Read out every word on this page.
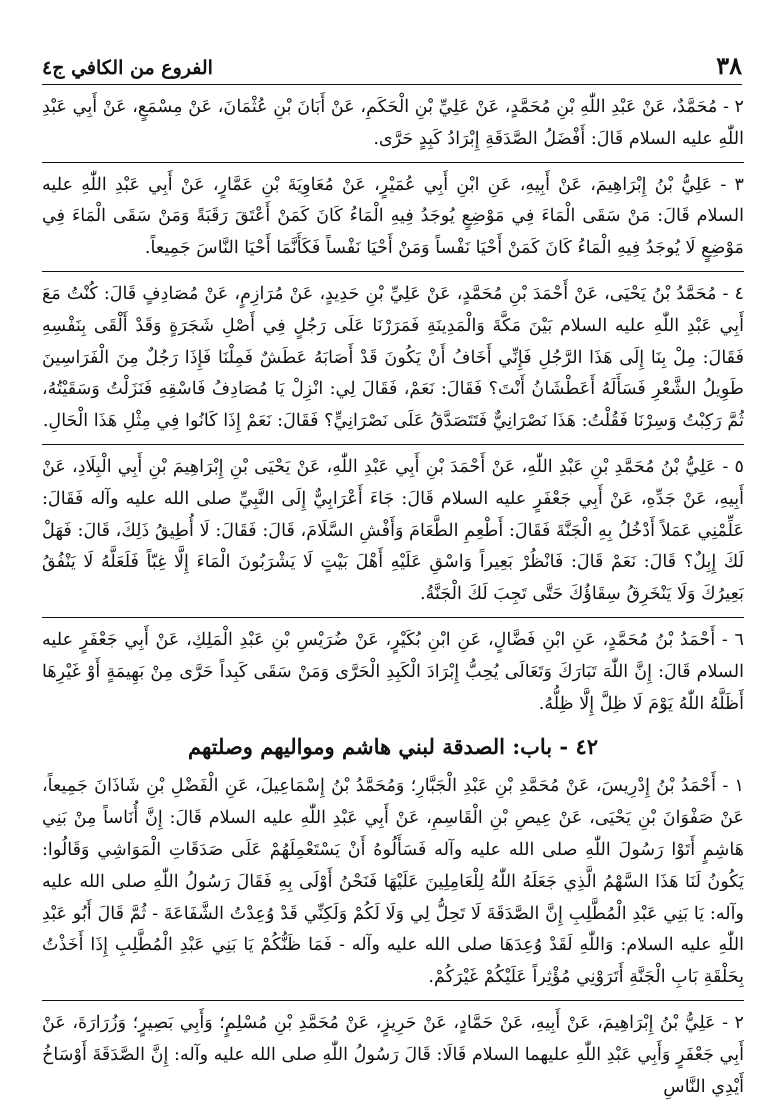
٣٨
الفروع من الكافي ج٤

٢ - مُحَمَّدٌ، عَنْ عَبْدِ اللّٰهِ بْنِ مُحَمَّدٍ، عَنْ عَلِيِّ بْنِ الْحَكَمِ، عَنْ أَبَانَ بْنِ عُثْمَانَ، عَنْ مِسْمَعٍ، عَنْ أَبِي عَبْدِ اللّٰهِ عليه السلام قَالَ: أَفْضَلُ الصَّدَقَةِ إِبْرَادُ كَبِدٍ حَرَّى.

٣ - عَلِيُّ بْنُ إِبْرَاهِيمَ، عَنْ أَبِيهِ، عَنِ ابْنِ أَبِي عُمَيْرٍ، عَنْ مُعَاوِيَةَ بْنِ عَمَّارٍ، عَنْ أَبِي عَبْدِ اللّٰهِ عليه السلام قَالَ: مَنْ سَقَى الْمَاءَ فِي مَوْضِعٍ يُوجَدُ فِيهِ الْمَاءُ كَانَ كَمَنْ أَعْتَقَ رَقَبَةً وَمَنْ سَقَى الْمَاءَ فِي مَوْضِعٍ لَا يُوجَدُ فِيهِ الْمَاءُ كَانَ كَمَنْ أَحْيَا نَفْساً وَمَنْ أَحْيَا نَفْساً فَكَأَنَّمَا أَحْيَا النَّاسَ جَمِيعاً.

٤ - مُحَمَّدُ بْنُ يَحْيَى، عَنْ أَحْمَدَ بْنِ مُحَمَّدٍ، عَنْ عَلِيِّ بْنِ حَدِيدٍ، عَنْ مُرَازِمٍ، عَنْ مُصَادِفٍ قَالَ: كُنْتُ مَعَ أَبِي عَبْدِ اللّٰهِ عليه السلام بَيْنَ مَكَّةَ وَالْمَدِينَةِ فَمَرَرْنَا عَلَى رَجُلٍ فِي أَصْلِ شَجَرَةٍ وَقَدْ أَلْقَى بِنَفْسِهِ فَقَالَ: مِلْ بِنَا إِلَى هَذَا الرَّجُلِ فَإِنِّي أَخَافُ أَنْ يَكُونَ قَدْ أَصَابَهُ عَطَشٌ فَمِلْنَا فَإِذَا رَجُلٌ مِنَ الْفَرَاسِينَ طَوِيلُ الشَّعْرِ فَسَأَلَهُ أَعَطْشَانُ أَنْتَ؟ فَقَالَ: نَعَمْ، فَقَالَ لِي: انْزِلْ يَا مُصَادِفُ فَاسْقِهِ فَنَزَلْتُ وَسَقَيْتُهُ، ثُمَّ رَكِبْتُ وَسِرْنَا فَقُلْتُ: هَذَا نَصْرَانِيٌّ فَتَتَصَدَّقُ عَلَى نَصْرَانِيٍّ؟ فَقَالَ: نَعَمْ إِذَا كَانُوا فِي مِثْلِ هَذَا الْحَالِ.

٥ - عَلِيُّ بْنُ مُحَمَّدِ بْنِ عَبْدِ اللّٰهِ، عَنْ أَحْمَدَ بْنِ أَبِي عَبْدِ اللّٰهِ، عَنْ يَحْيَى بْنِ إِبْرَاهِيمَ بْنِ أَبِي الْبِلَادِ، عَنْ أَبِيهِ، عَنْ جَدِّهِ، عَنْ أَبِي جَعْفَرٍ عليه السلام قَالَ: جَاءَ أَعْرَابِيٌّ إِلَى النَّبِيِّ صلى الله عليه وآله فَقَالَ: عَلِّمْنِي عَمَلاً أَدْخُلُ بِهِ الْجَنَّةَ فَقَالَ: أَطْعِمِ الطَّعَامَ وَأَفْشِ السَّلَامَ، قَالَ: فَقَالَ: لَا أُطِيقُ ذَلِكَ، قَالَ: فَهَلْ لَكَ إِبِلٌ؟ قَالَ: نَعَمْ قَالَ: فَانْظُرْ بَعِيراً وَاسْقِ عَلَيْهِ أَهْلَ بَيْتٍ لَا يَشْرَبُونَ الْمَاءَ إِلَّا غِبّاً فَلَعَلَّهُ لَا يَنْفُقُ بَعِيرُكَ وَلَا يَنْخَرِقُ سِقَاؤُكَ حَتَّى تَجِبَ لَكَ الْجَنَّةُ.

٦ - أَحْمَدُ بْنُ مُحَمَّدٍ، عَنِ ابْنِ فَضَّالٍ، عَنِ ابْنِ بُكَيْرٍ، عَنْ ضُرَيْسِ بْنِ عَبْدِ الْمَلِكِ، عَنْ أَبِي جَعْفَرٍ عليه السلام قَالَ: إِنَّ اللّٰهَ تَبَارَكَ وَتَعَالَى يُحِبُّ إِبْرَادَ الْكَبِدِ الْحَرَّى وَمَنْ سَقَى كَبِداً حَرَّى مِنْ بَهِيمَةٍ أَوْ غَيْرِهَا أَظَلَّهُ اللّٰهُ يَوْمَ لَا ظِلَّ إِلَّا ظِلُّهُ.

٤٢ - باب: الصدقة لبني هاشم ومواليهم وصلتهم

١ - أَحْمَدُ بْنُ إِدْرِيسَ، عَنْ مُحَمَّدِ بْنِ عَبْدِ الْجَبَّارِ؛ وَمُحَمَّدُ بْنُ إِسْمَاعِيلَ، عَنِ الْفَضْلِ بْنِ شَاذَانَ جَمِيعاً، عَنْ صَفْوَانَ بْنِ يَحْيَى، عَنْ عِيصِ بْنِ الْقَاسِمِ، عَنْ أَبِي عَبْدِ اللّٰهِ عليه السلام قَالَ: إِنَّ أُنَاساً مِنْ بَنِي هَاشِمٍ أَتَوْا رَسُولَ اللّٰهِ صلى الله عليه وآله فَسَأَلُوهُ أَنْ يَسْتَعْمِلَهُمْ عَلَى صَدَقَاتِ الْمَوَاشِي وَقَالُوا: يَكُونُ لَنَا هَذَا السَّهْمُ الَّذِي جَعَلَهُ اللّٰهُ لِلْعَامِلِينَ عَلَيْهَا فَنَحْنُ أَوْلَى بِهِ فَقَالَ رَسُولُ اللّٰهِ صلى الله عليه وآله: يَا بَنِي عَبْدِ الْمُطَّلِبِ إِنَّ الصَّدَقَةَ لَا تَحِلُّ لِي وَلَا لَكُمْ وَلَكِنِّي قَدْ وُعِدْتُ الشَّفَاعَةَ - ثُمَّ قَالَ أَبُو عَبْدِ اللّٰهِ عليه السلام: وَاللّٰهِ لَقَدْ وُعِدَهَا صلى الله عليه وآله - فَمَا ظَنُّكُمْ يَا بَنِي عَبْدِ الْمُطَّلِبِ إِذَا أَخَذْتُ بِحَلْقَةِ بَابِ الْجَنَّةِ أَتَرَوْنِي مُؤْثِراً عَلَيْكُمْ غَيْرَكُمْ.

٢ - عَلِيُّ بْنُ إِبْرَاهِيمَ، عَنْ أَبِيهِ، عَنْ حَمَّادٍ، عَنْ حَرِيزٍ، عَنْ مُحَمَّدِ بْنِ مُسْلِمٍ؛ وَأَبِي بَصِيرٍ؛ وَزُرَارَةَ، عَنْ أَبِي جَعْفَرٍ وَأَبِي عَبْدِ اللّٰهِ عليهما السلام قَالَا: قَالَ رَسُولُ اللّٰهِ صلى الله عليه وآله: إِنَّ الصَّدَقَةَ أَوْسَاخُ أَيْدِي النَّاسِ
